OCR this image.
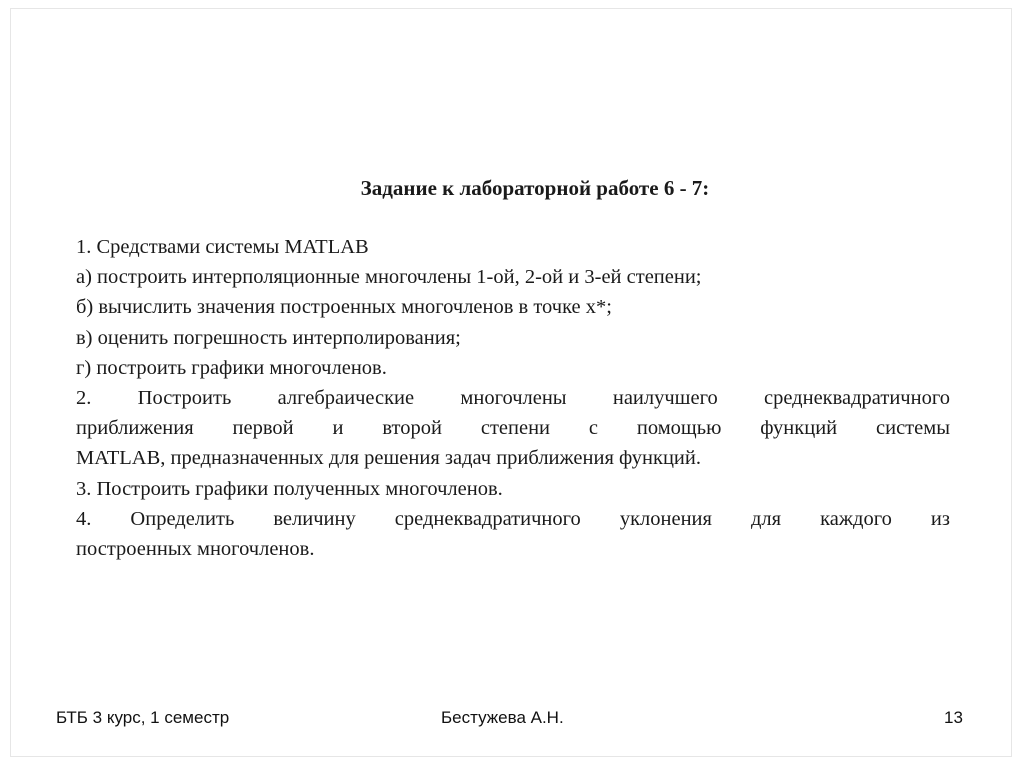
Задание к лабораторной работе 6 - 7:
1. Средствами системы MATLAB
а) построить интерполяционные многочлены 1-ой, 2-ой и 3-ей степени;
б) вычислить значения построенных многочленов в точке x*;
в) оценить погрешность интерполирования;
г) построить графики многочленов.
2. Построить алгебраические многочлены наилучшего среднеквадратичного
приближения первой и второй степени с помощью функций системы
MATLAB, предназначенных для решения задач приближения функций.
3. Построить графики полученных многочленов.
4. Определить величину среднеквадратичного уклонения для каждого из
построенных многочленов.
БТБ 3 курс, 1 семестр	Бестужева А.Н.	13
